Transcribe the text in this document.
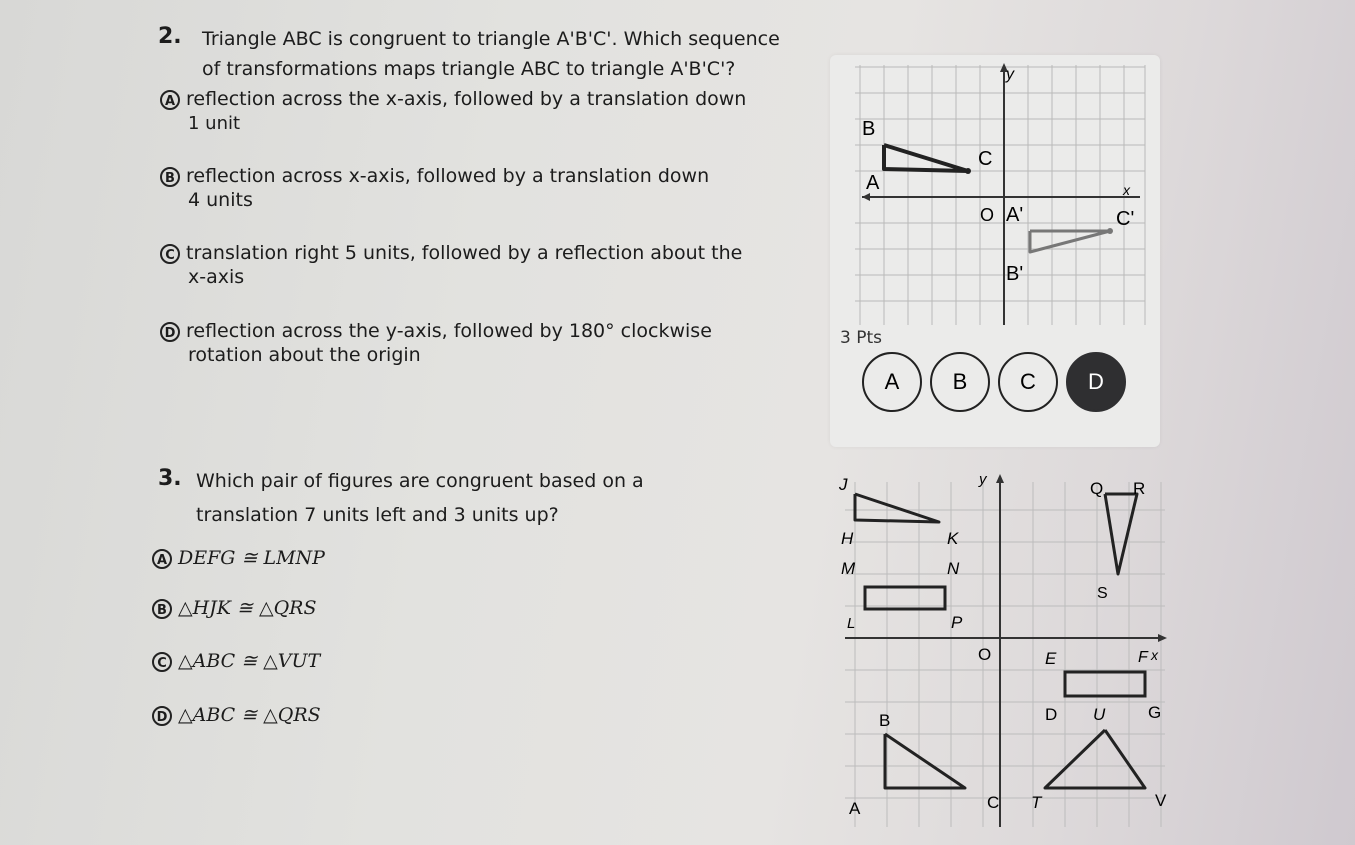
2. Triangle ABC is congruent to triangle A'B'C'. Which sequence
of transformations maps triangle ABC to triangle A'B'C'?
A reflection across the x-axis, followed by a translation down
1 unit
B reflection across x-axis, followed by a translation down
4 units
C translation right 5 units, followed by a reflection about the
x-axis
D reflection across the y-axis, followed by 180° clockwise
rotation about the origin
y
x
B
C
A
O A'	C'
B'
3 Pts
A	B	C	D
3. Which pair of figures are congruent based on a
translation 7 units left and 3 units up?
A DEFG ≅ LMNP
B △HJK ≅ △QRS
C △ABC ≅ △VUT
D △ABC ≅ △QRS
J	y	Q R
H	K
M	N
S
L	P
O	E	F x
B	D U	G
A	C T	V
